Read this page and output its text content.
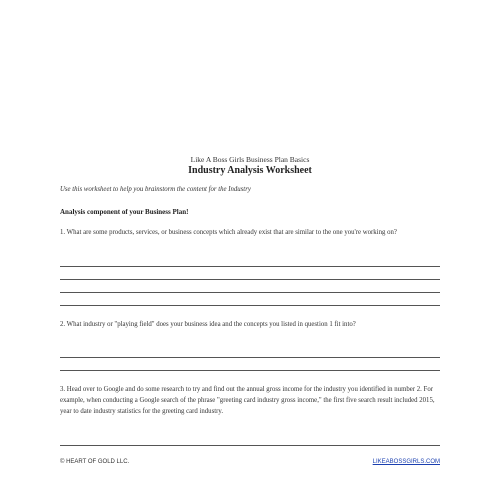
Like A Boss Girls Business Plan Basics
Industry Analysis Worksheet
Use this worksheet to help you brainstorm the content for the Industry
Analysis component of your Business Plan!
1. What are some products, services, or business concepts which already exist that are similar to the one you're working on?
2. What industry or "playing field" does your business idea and the concepts you listed in question 1 fit into?
3. Head over to Google and do some research to try and find out the annual gross income for the industry you identified in number 2. For example, when conducting a Google search of the phrase "greeting card industry gross income," the first five search result included 2015, year to date industry statistics for the greeting card industry.
© HEART OF GOLD LLC.	LIKEABOSSGIRLS.COM
